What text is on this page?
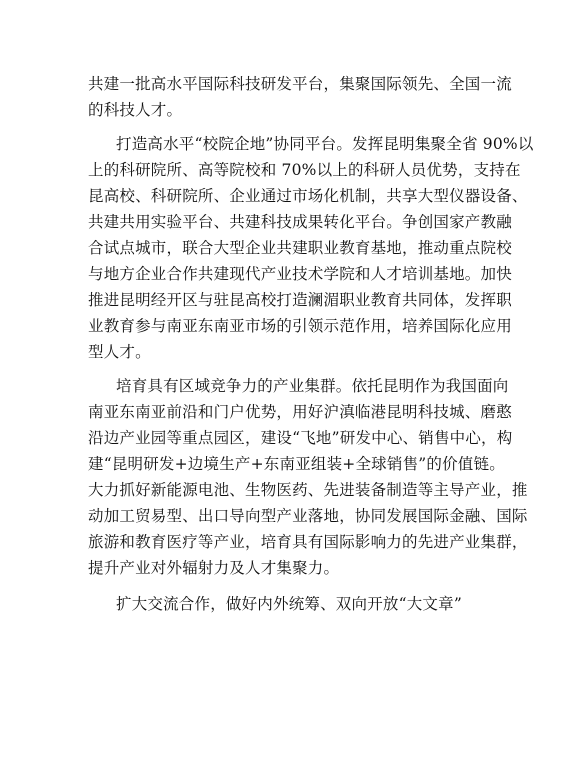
共建一批高水平国际科技研发平台，集聚国际领先、全国一流
的科技人才。
打造高水平“校院企地”协同平台。发挥昆明集聚全省 90%以
上的科研院所、高等院校和 70%以上的科研人员优势，支持在
昆高校、科研院所、企业通过市场化机制，共享大型仪器设备、
共建共用实验平台、共建科技成果转化平台。争创国家产教融
合试点城市，联合大型企业共建职业教育基地，推动重点院校
与地方企业合作共建现代产业技术学院和人才培训基地。加快
推进昆明经开区与驻昆高校打造澜湄职业教育共同体，发挥职
业教育参与南亚东南亚市场的引领示范作用，培养国际化应用
型人才。
培育具有区域竞争力的产业集群。依托昆明作为我国面向
南亚东南亚前沿和门户优势，用好沪滇临港昆明科技城、磨憨
沿边产业园等重点园区，建设“飞地”研发中心、销售中心，构
建“昆明研发+边境生产+东南亚组装+全球销售”的价值链。
大力抓好新能源电池、生物医药、先进装备制造等主导产业，推
动加工贸易型、出口导向型产业落地，协同发展国际金融、国际
旅游和教育医疗等产业，培育具有国际影响力的先进产业集群，
提升产业对外辐射力及人才集聚力。
扩大交流合作，做好内外统筹、双向开放“大文章”
